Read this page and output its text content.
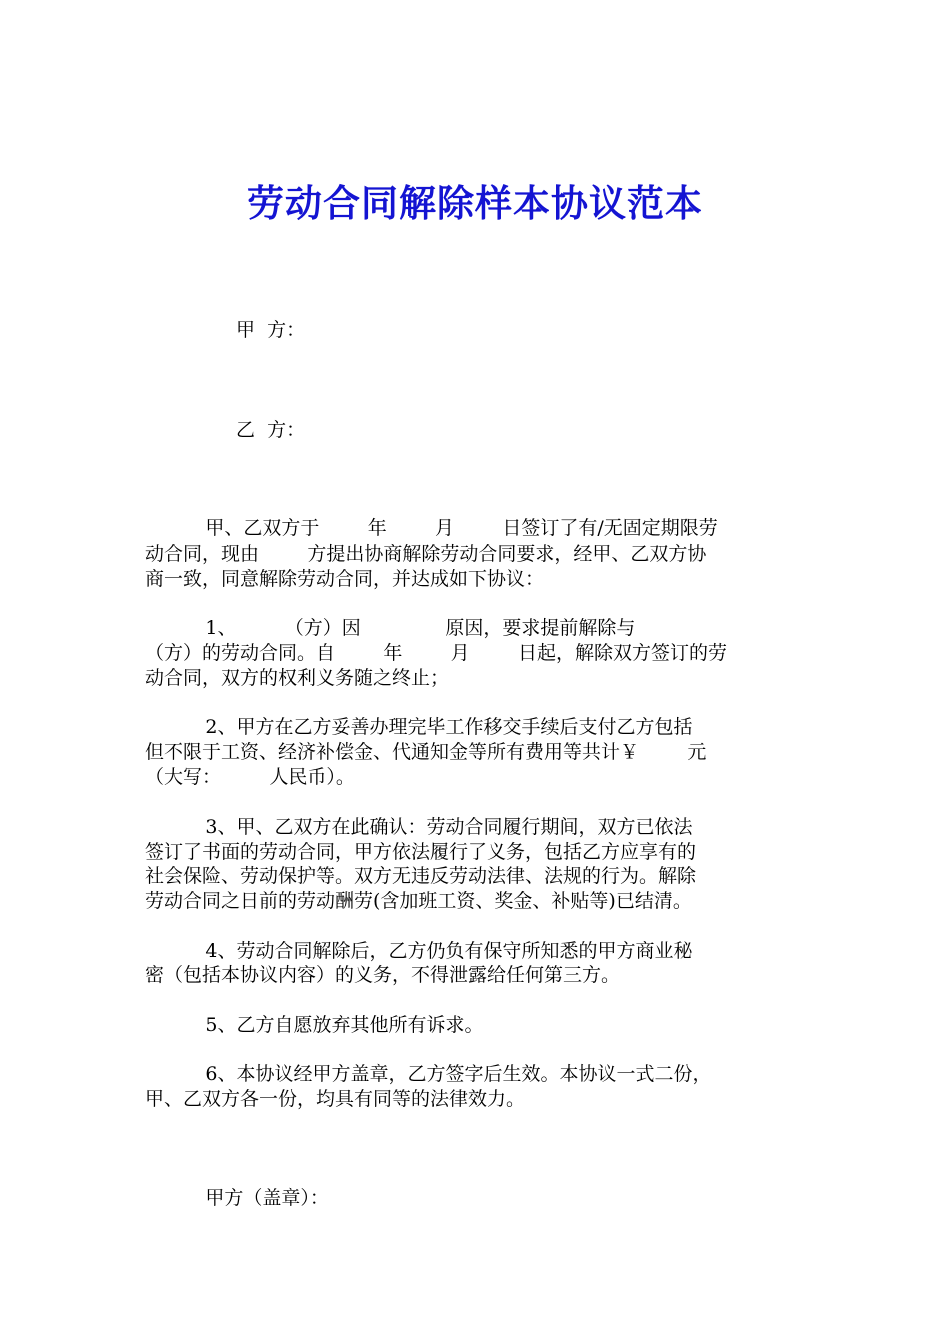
劳动合同解除样本协议范本

甲  方：

乙  方：

甲、乙双方于        年        月        日签订了有/无固定期限劳

动合同，现由        方提出协商解除劳动合同要求，经甲、乙双方协

商一致，同意解除劳动合同，并达成如下协议：

1、        （方）因              原因，要求提前解除与

（方）的劳动合同。自        年        月        日起，解除双方签订的劳

动合同，双方的权利义务随之终止；

2、甲方在乙方妥善办理完毕工作移交手续后支付乙方包括

但不限于工资、经济补偿金、代通知金等所有费用等共计￥        元

（大写：        人民币）。

3、甲、乙双方在此确认：劳动合同履行期间，双方已依法

签订了书面的劳动合同，甲方依法履行了义务，包括乙方应享有的

社会保险、劳动保护等。双方无违反劳动法律、法规的行为。解除

劳动合同之日前的劳动酬劳(含加班工资、奖金、补贴等)已结清。

4、劳动合同解除后，乙方仍负有保守所知悉的甲方商业秘

密（包括本协议内容）的义务，不得泄露给任何第三方。

5、乙方自愿放弃其他所有诉求。

6、本协议经甲方盖章，乙方签字后生效。本协议一式二份，

甲、乙双方各一份，均具有同等的法律效力。

甲方（盖章）：
